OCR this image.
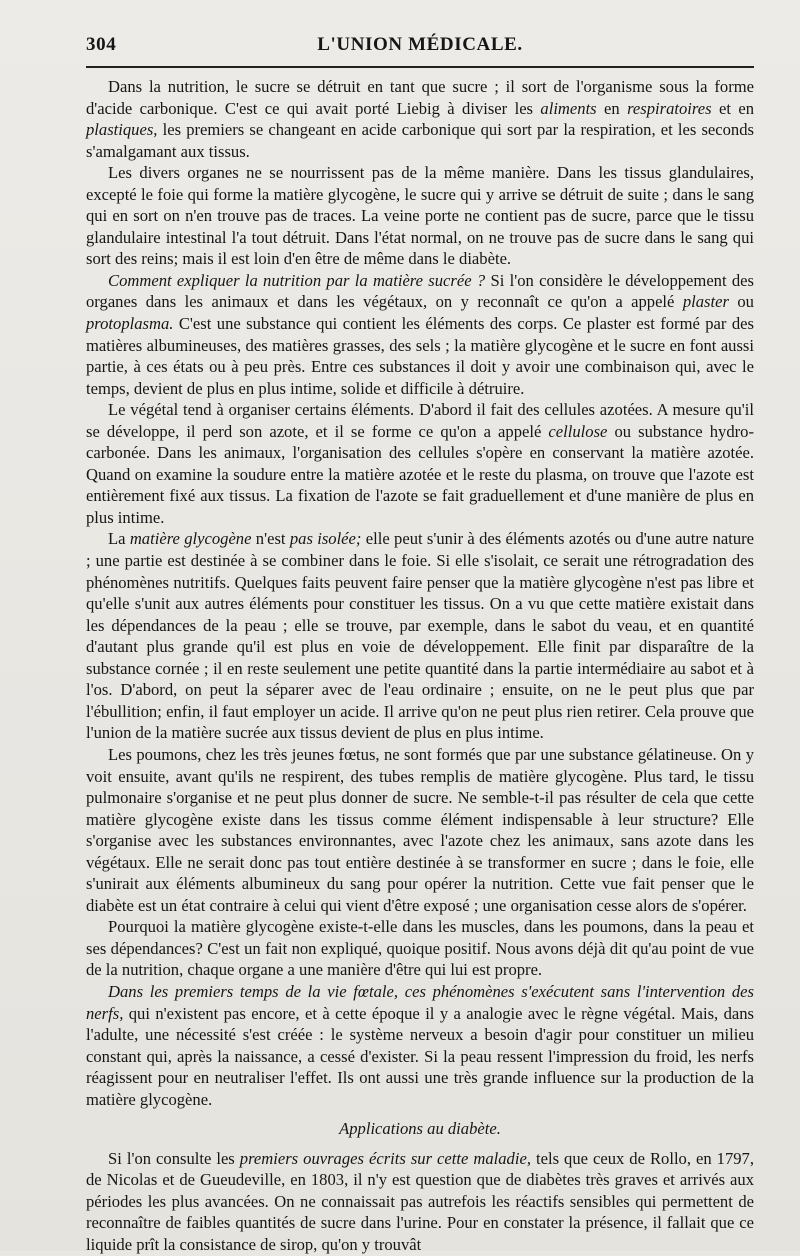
304	L'UNION MÉDICALE.

Dans la nutrition, le sucre se détruit en tant que sucre ; il sort de l'organisme sous la forme d'acide carbonique. C'est ce qui avait porté Liebig à diviser les aliments en respiratoires et en plastiques, les premiers se changeant en acide carbonique qui sort par la respiration, et les seconds s'amalgamant aux tissus.

Les divers organes ne se nourrissent pas de la même manière. Dans les tissus glandulaires, excepté le foie qui forme la matière glycogène, le sucre qui y arrive se détruit de suite ; dans le sang qui en sort on n'en trouve pas de traces. La veine porte ne contient pas de sucre, parce que le tissu glandulaire intestinal l'a tout détruit. Dans l'état normal, on ne trouve pas de sucre dans le sang qui sort des reins; mais il est loin d'en être de même dans le diabète.

Comment expliquer la nutrition par la matière sucrée ? Si l'on considère le développement des organes dans les animaux et dans les végétaux, on y reconnaît ce qu'on a appelé plaster ou protoplasma. C'est une substance qui contient les éléments des corps. Ce plaster est formé par des matières albumineuses, des matières grasses, des sels ; la matière glycogène et le sucre en font aussi partie, à ces états ou à peu près. Entre ces substances il doit y avoir une combinaison qui, avec le temps, devient de plus en plus intime, solide et difficile à détruire.

Le végétal tend à organiser certains éléments. D'abord il fait des cellules azotées. A mesure qu'il se développe, il perd son azote, et il se forme ce qu'on a appelé cellulose ou substance hydro-carbonée. Dans les animaux, l'organisation des cellules s'opère en conservant la matière azotée. Quand on examine la soudure entre la matière azotée et le reste du plasma, on trouve que l'azote est entièrement fixé aux tissus. La fixation de l'azote se fait graduellement et d'une manière de plus en plus intime.

La matière glycogène n'est pas isolée; elle peut s'unir à des éléments azotés ou d'une autre nature ; une partie est destinée à se combiner dans le foie. Si elle s'isolait, ce serait une rétrogradation des phénomènes nutritifs. Quelques faits peuvent faire penser que la matière glycogène n'est pas libre et qu'elle s'unit aux autres éléments pour constituer les tissus. On a vu que cette matière existait dans les dépendances de la peau ; elle se trouve, par exemple, dans le sabot du veau, et en quantité d'autant plus grande qu'il est plus en voie de développement. Elle finit par disparaître de la substance cornée ; il en reste seulement une petite quantité dans la partie intermédiaire au sabot et à l'os. D'abord, on peut la séparer avec de l'eau ordinaire ; ensuite, on ne le peut plus que par l'ébullition; enfin, il faut employer un acide. Il arrive qu'on ne peut plus rien retirer. Cela prouve que l'union de la matière sucrée aux tissus devient de plus en plus intime.

Les poumons, chez les très jeunes fœtus, ne sont formés que par une substance gélatineuse. On y voit ensuite, avant qu'ils ne respirent, des tubes remplis de matière glycogène. Plus tard, le tissu pulmonaire s'organise et ne peut plus donner de sucre. Ne semble-t-il pas résulter de cela que cette matière glycogène existe dans les tissus comme élément indispensable à leur structure? Elle s'organise avec les substances environnantes, avec l'azote chez les animaux, sans azote dans les végétaux. Elle ne serait donc pas tout entière destinée à se transformer en sucre ; dans le foie, elle s'unirait aux éléments albumineux du sang pour opérer la nutrition. Cette vue fait penser que le diabète est un état contraire à celui qui vient d'être exposé ; une organisation cesse alors de s'opérer.

Pourquoi la matière glycogène existe-t-elle dans les muscles, dans les poumons, dans la peau et ses dépendances? C'est un fait non expliqué, quoique positif. Nous avons déjà dit qu'au point de vue de la nutrition, chaque organe a une manière d'être qui lui est propre.

Dans les premiers temps de la vie fœtale, ces phénomènes s'exécutent sans l'intervention des nerfs, qui n'existent pas encore, et à cette époque il y a analogie avec le règne végétal. Mais, dans l'adulte, une nécessité s'est créée : le système nerveux a besoin d'agir pour constituer un milieu constant qui, après la naissance, a cessé d'exister. Si la peau ressent l'impression du froid, les nerfs réagissent pour en neutraliser l'effet. Ils ont aussi une très grande influence sur la production de la matière glycogène.

Applications au diabète.

Si l'on consulte les premiers ouvrages écrits sur cette maladie, tels que ceux de Rollo, en 1797, de Nicolas et de Gueudeville, en 1803, il n'y est question que de diabètes très graves et arrivés aux périodes les plus avancées. On ne connaissait pas autrefois les réactifs sensibles qui permettent de reconnaître de faibles quantités de sucre dans l'urine. Pour en constater la présence, il fallait que ce liquide prît la consistance de sirop, qu'on y trouvât
